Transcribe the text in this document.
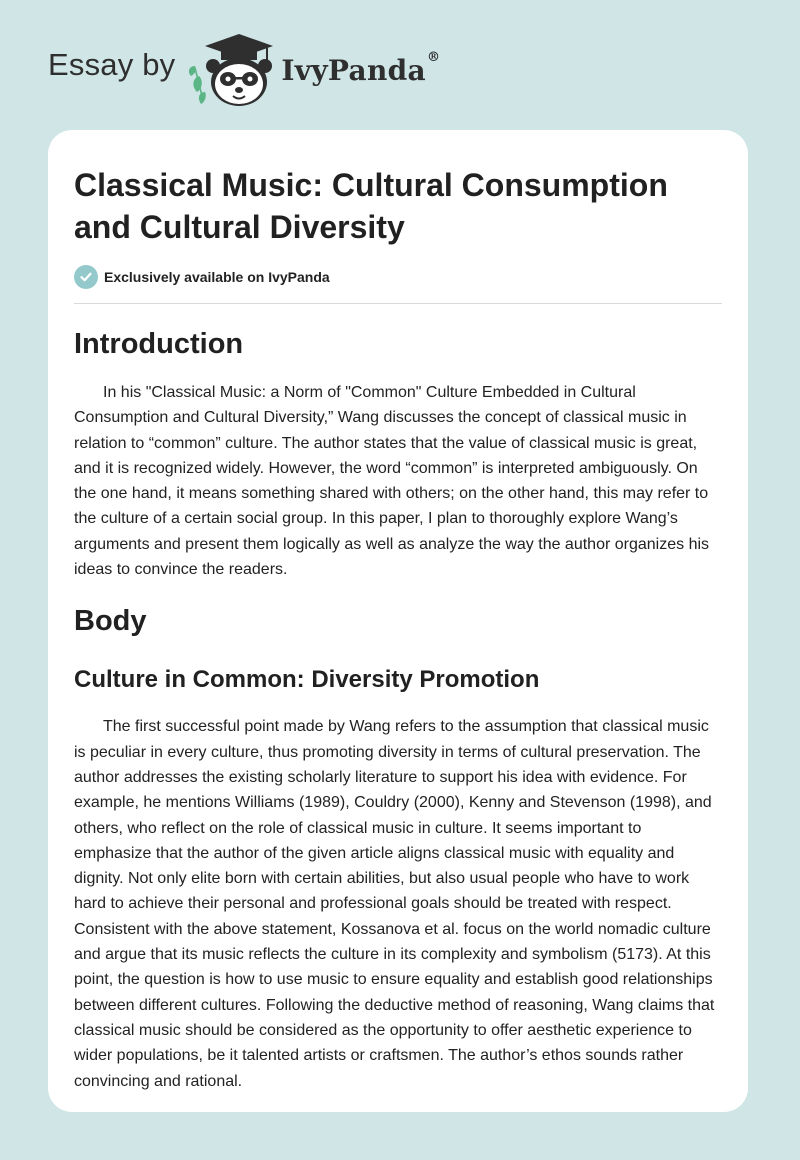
Essay by	IvyPanda®
Classical Music: Cultural Consumption and Cultural Diversity
Exclusively available on IvyPanda
Introduction

In his "Classical Music: a Norm of "Common" Culture Embedded in Cultural Consumption and Cultural Diversity,” Wang discusses the concept of classical music in relation to “common” culture. The author states that the value of classical music is great, and it is recognized widely. However, the word “common” is interpreted ambiguously. On the one hand, it means something shared with others; on the other hand, this may refer to the culture of a certain social group. In this paper, I plan to thoroughly explore Wang’s arguments and present them logically as well as analyze the way the author organizes his ideas to convince the readers.

Body
Culture in Common: Diversity Promotion

The first successful point made by Wang refers to the assumption that classical music is peculiar in every culture, thus promoting diversity in terms of cultural preservation. The author addresses the existing scholarly literature to support his idea with evidence. For example, he mentions Williams (1989), Couldry (2000), Kenny and Stevenson (1998), and others, who reflect on the role of classical music in culture. It seems important to emphasize that the author of the given article aligns classical music with equality and dignity. Not only elite born with certain abilities, but also usual people who have to work hard to achieve their personal and professional goals should be treated with respect. Consistent with the above statement, Kossanova et al. focus on the world nomadic culture and argue that its music reflects the culture in its complexity and symbolism (5173). At this point, the question is how to use music to ensure equality and establish good relationships between different cultures. Following the deductive method of reasoning, Wang claims that classical music should be considered as the opportunity to offer aesthetic experience to wider populations, be it talented artists or craftsmen. The author’s ethos sounds rather convincing and rational.
